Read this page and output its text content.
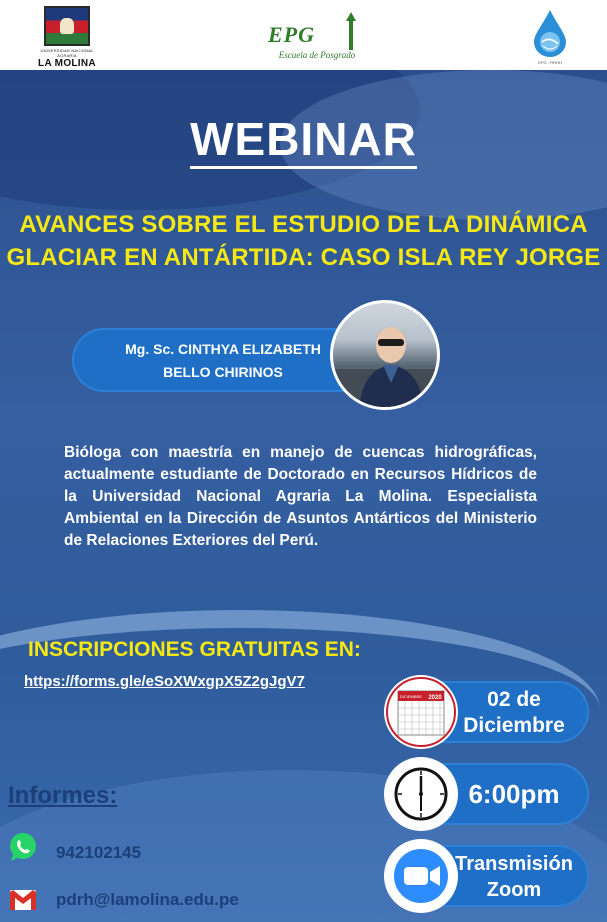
UNIVERSIDAD NACIONAL AGRARIA
LA MOLINA
EPG
Escuela de Posgrado
EPG - RRHH
WEBINAR
AVANCES SOBRE EL ESTUDIO DE LA DINÁMICA
GLACIAR EN ANTÁRTIDA: CASO ISLA REY JORGE
Mg. Sc. CINTHYA ELIZABETH
BELLO CHIRINOS
Bióloga con maestría en manejo de cuencas hidrográficas, actualmente estudiante de Doctorado en Recursos Hídricos de la Universidad Nacional Agraria La Molina. Especialista Ambiental en la Dirección de Asuntos Antárticos del Ministerio de Relaciones Exteriores del Perú.
INSCRIPCIONES GRATUITAS EN:
https://forms.gle/eSoXWxgpX5Z2gJgV7
DICIEMBRE 2020	02 de
Diciembre
6:00pm
Transmisión
Zoom
Informes:
942102145
pdrh@lamolina.edu.pe
